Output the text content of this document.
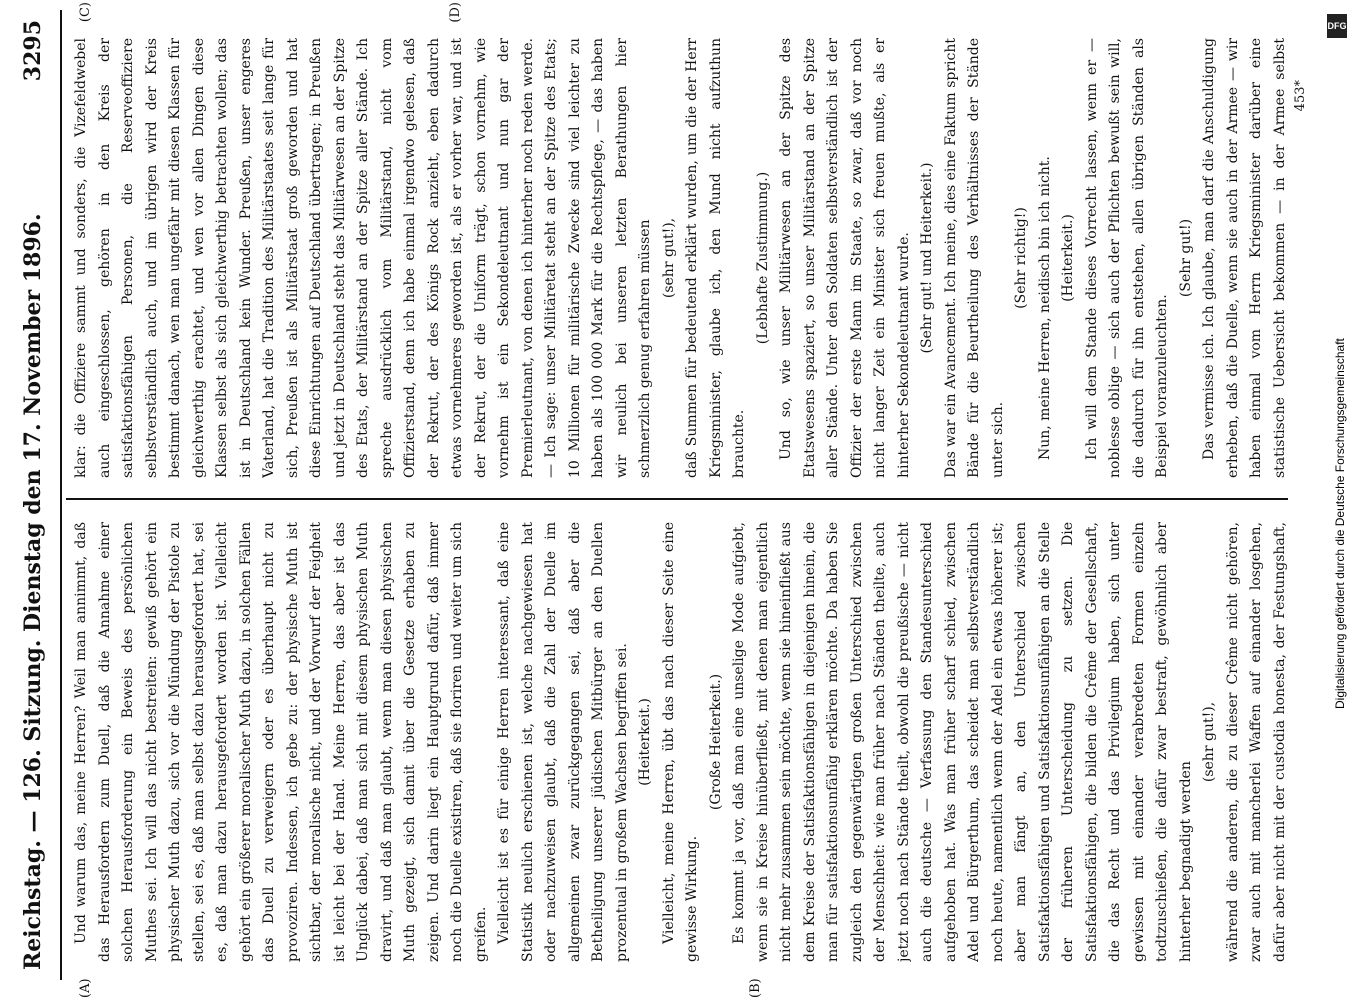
Reichstag. — 126. Sitzung. Dienstag den 17. November 1896.
3295
(A)	(B)
(C)	(D)

Und warum das, meine Herren? Weil man annimmt, daß das Herausfordern zum Duell, daß die Annahme einer solchen Herausforderung ein Beweis des persönlichen Muthes sei. Ich will das nicht bestreiten: gewiß gehört ein physischer Muth dazu, sich vor die Mündung der Pistole zu stellen, sei es, daß man selbst dazu herausgefordert hat, sei es, daß man dazu herausgefordert worden ist. Vielleicht gehört ein größerer moralischer Muth dazu, in solchen Fällen das Duell zu verweigern oder es überhaupt nicht zu provoziren. Indessen, ich gebe zu: der physische Muth ist sichtbar, der moralische nicht, und der Vorwurf der Feigheit ist leicht bei der Hand. Meine Herren, das aber ist das Unglück dabei, daß man sich mit diesem physischen Muth dravirt, und daß man glaubt, wenn man diesen physischen Muth gezeigt, sich damit über die Gesetze erhaben zu zeigen. Und darin liegt ein Hauptgrund dafür, daß immer noch die Duelle existiren, daß sie floriren und weiter um sich greifen. Vielleicht ist es für einige Herren interessant, daß eine Statistik neulich erschienen ist, welche nachgewiesen hat oder nachzuweisen glaubt, daß die Zahl der Duelle im allgemeinen zwar zurückgegangen sei, daß aber die Betheiligung unserer jüdischen Mitbürger an den Duellen prozentual in großem Wachsen begriffen sei. (Heiterkeit.) Vielleicht, meine Herren, übt das nach dieser Seite eine gewisse Wirkung.

(Große Heiterkeit.) Es kommt ja vor, daß man eine unselige Mode aufgiebt, wenn sie in Kreise hinüberfließt, mit denen man eigentlich nicht mehr zusammen sein möchte, wenn sie hineinfließt aus dem Kreise der Satisfaktionsfähigen in diejenigen hinein, die man für satisfaktionsunfähig erklären möchte. Da haben Sie zugleich den gegenwärtigen großen Unterschied zwischen der Menschheit: wie man früher nach Ständen theilte, auch jetzt noch nach Stände theilt, obwohl die preußische — nicht auch die deutsche — Verfassung den Standesunterschied aufgehoben hat. Was man früher scharf schied, zwischen Adel und Bürgerthum, das scheidet man selbstverständlich noch heute, namentlich wenn der Adel ein etwas höherer ist; aber man fängt an, den Unterschied zwischen Satisfaktionsfähigen und Satisfaktionsunfähigen an die Stelle der früheren Unterscheidung zu setzen. Die Satisfaktionsfähigen, die bilden die Crême der Gesellschaft, die das Recht und das Privilegium haben, sich unter gewissen mit einander verabredeten Formen einzeln todtzuschießen, die dafür zwar bestraft, gewöhnlich aber hinterher begnadigt werden

(sehr gut!),

während die anderen, die zu dieser Crême nicht gehören, zwar auch mit mancherlei Waffen auf einander losgehen, dafür aber nicht mit der custodia honesta, der Festungshaft,

klar: die Offiziere sammt und sonders, die Vizefeldwebel auch eingeschlossen, gehören in den Kreis der satisfaktionsfähigen Personen, die Reserveoffiziere selbstverständlich auch, und im übrigen wird der Kreis bestimmt danach, wen man ungefähr mit diesen Klassen für gleichwerthig erachtet, und wen vor allen Dingen diese Klassen selbst als sich gleichwerthig betrachten wollen; das ist in Deutschland kein Wunder. Preußen, unser engeres Vaterland, hat die Tradition des Militärstaates seit lange für sich, Preußen ist als Militärstaat groß geworden und hat diese Einrichtungen auf Deutschland übertragen; in Preußen und jetzt in Deutschland steht das Militärwesen an der Spitze des Etats, der Militärstand an der Spitze aller Stände. Ich spreche ausdrücklich vom Militärstand, nicht vom Offizierstand, denn ich habe einmal irgendwo gelesen, daß der Rekrut, der des Königs Rock anzieht, eben dadurch etwas vornehmeres geworden ist, als er vorher war, und ist der Rekrut, der die Uniform trägt, schon vornehm, wie vornehm ist ein Sekondeleutnant und nun gar der Premierleutnant, von denen ich hinterher noch reden werde. — Ich sage: unser Militäretat steht an der Spitze des Etats; 10 Millionen für militärische Zwecke sind viel leichter zu haben als 100 000 Mark für die Rechtspflege, — das haben wir neulich bei unseren letzten Berathungen hier schmerzlich genug erfahren müssen (sehr gut!), daß Summen für bedeutend erklärt wurden, um die der Herr Kriegsminister, glaube ich, den Mund nicht aufzuthun brauchte.

(Lebhafte Zustimmung.) Und so, wie unser Militärwesen an der Spitze des Etatswesens spaziert, so unser Militärstand an der Spitze aller Stände. Unter den Soldaten selbstverständlich ist der Offizier der erste Mann im Staate, so zwar, daß vor noch nicht langer Zeit ein Minister sich freuen mußte, als er hinterher Sekondeleutnant wurde. (Sehr gut! und Heiterkeit.) Das war ein Avancement. Ich meine, dies eine Faktum spricht Bände für die Beurtheilung des Verhältnisses der Stände unter sich.

(Sehr richtig!) Nun, meine Herren, neidisch bin ich nicht. (Heiterkeit.) Ich will dem Stande dieses Vorrecht lassen, wenn er — noblesse oblige — sich auch der Pflichten bewußt sein will, die dadurch für ihn entstehen, allen übrigen Ständen als Beispiel voranzuleuchten.

(Sehr gut!)

Das vermisse ich. Ich glaube, man darf die Anschuldigung erheben, daß die Duelle, wenn sie auch in der Armee — wir haben einmal vom Herrn Kriegsminister darüber eine statistische Uebersicht bekommen — in der Armee selbst

453*
DFG
Digitalisierung gefördert durch die Deutsche Forschungsgemeinschaft
